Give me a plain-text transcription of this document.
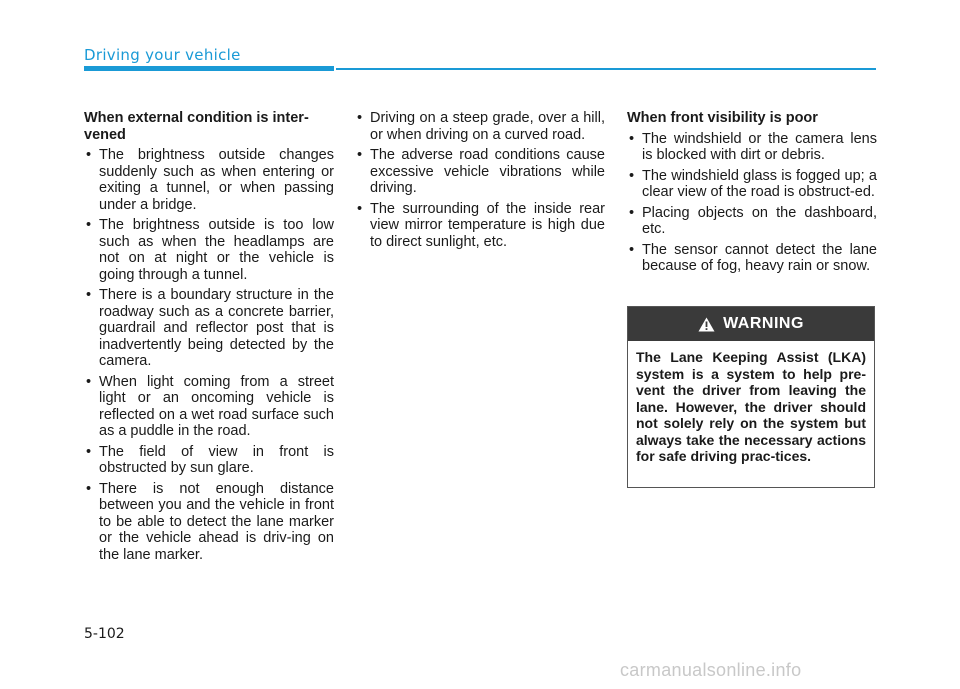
Driving your vehicle
When external condition is inter-vened
• The brightness outside changes suddenly such as when entering or exiting a tunnel, or when passing under a bridge.
• The brightness outside is too low such as when the headlamps are not on at night or the vehicle is going through a tunnel.
• There is a boundary structure in the roadway such as a concrete barrier, guardrail and reflector post that is inadvertently being detected by the camera.
• When light coming from a street light or an oncoming vehicle is reflected on a wet road surface such as a puddle in the road.
• The field of view in front is obstructed by sun glare.
• There is not enough distance between you and the vehicle in front to be able to detect the lane marker or the vehicle ahead is driv-ing on the lane marker.
• Driving on a steep grade, over a hill, or when driving on a curved road.
• The adverse road conditions cause excessive vehicle vibrations while driving.
• The surrounding of the inside rear view mirror temperature is high due to direct sunlight, etc.
When front visibility is poor
• The windshield or the camera lens is blocked with dirt or debris.
• The windshield glass is fogged up; a clear view of the road is obstruct-ed.
• Placing objects on the dashboard, etc.
• The sensor cannot detect the lane because of fog, heavy rain or snow.
WARNING
The Lane Keeping Assist (LKA) system is a system to help pre-vent the driver from leaving the lane. However, the driver should not solely rely on the system but always take the necessary actions for safe driving prac-tices.
5-102
carmanualsonline.info
